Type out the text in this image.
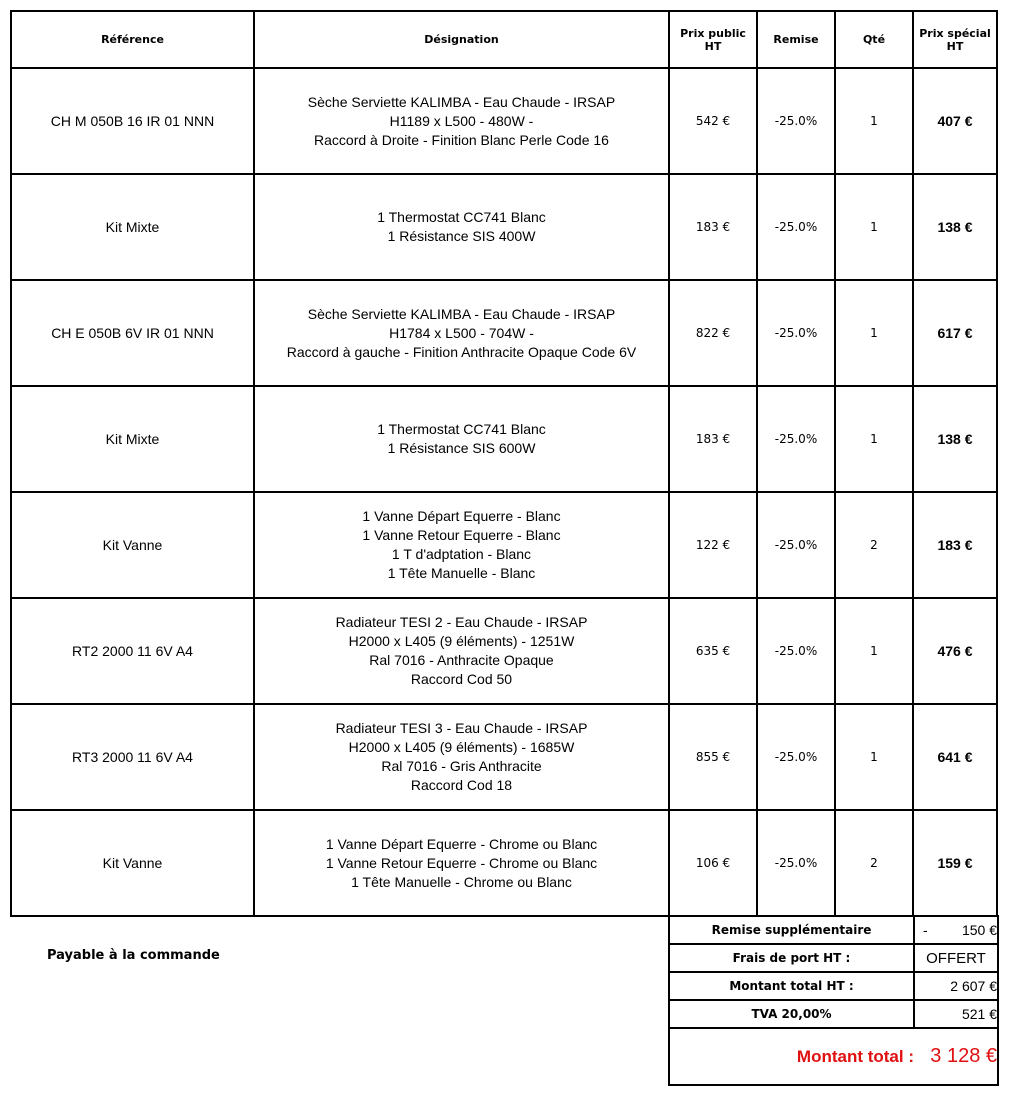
Référence	Désignation	Prix public HT	Remise	Qté	Prix spécial HT
CH M 050B 16 IR 01 NNN	Sèche Serviette KALIMBA - Eau Chaude - IRSAP
H1189 x L500 - 480W -
Raccord à Droite - Finition Blanc Perle Code 16	542 €	-25.0%	1	407 €
Kit Mixte	1 Thermostat CC741 Blanc
1 Résistance SIS 400W	183 €	-25.0%	1	138 €
CH E 050B 6V IR 01 NNN	Sèche Serviette KALIMBA - Eau Chaude - IRSAP
H1784 x L500 - 704W -
Raccord à gauche - Finition Anthracite Opaque Code 6V	822 €	-25.0%	1	617 €
Kit Mixte	1 Thermostat CC741 Blanc
1 Résistance SIS 600W	183 €	-25.0%	1	138 €
Kit Vanne	1 Vanne Départ Equerre - Blanc
1 Vanne Retour Equerre - Blanc
1 T d'adptation - Blanc
1 Tête Manuelle - Blanc	122 €	-25.0%	2	183 €
RT2 2000 11 6V A4	Radiateur TESI 2 - Eau Chaude - IRSAP
H2000 x L405 (9 éléments) - 1251W
Ral 7016 - Anthracite Opaque
Raccord Cod 50	635 €	-25.0%	1	476 €
RT3 2000 11 6V A4	Radiateur TESI 3 - Eau Chaude - IRSAP
H2000 x L405 (9 éléments) - 1685W
Ral 7016 - Gris Anthracite
Raccord Cod 18	855 €	-25.0%	1	641 €
Kit Vanne	1 Vanne Départ Equerre - Chrome ou Blanc
1 Vanne Retour Equerre - Chrome ou Blanc
1 Tête Manuelle - Chrome ou Blanc	106 €	-25.0%	2	159 €
Payable à la commande
Remise supplémentaire	- 150 €
Frais de port HT :	OFFERT
Montant total HT :	2 607 €
TVA 20,00%	521 €
Montant total :	3 128 €
